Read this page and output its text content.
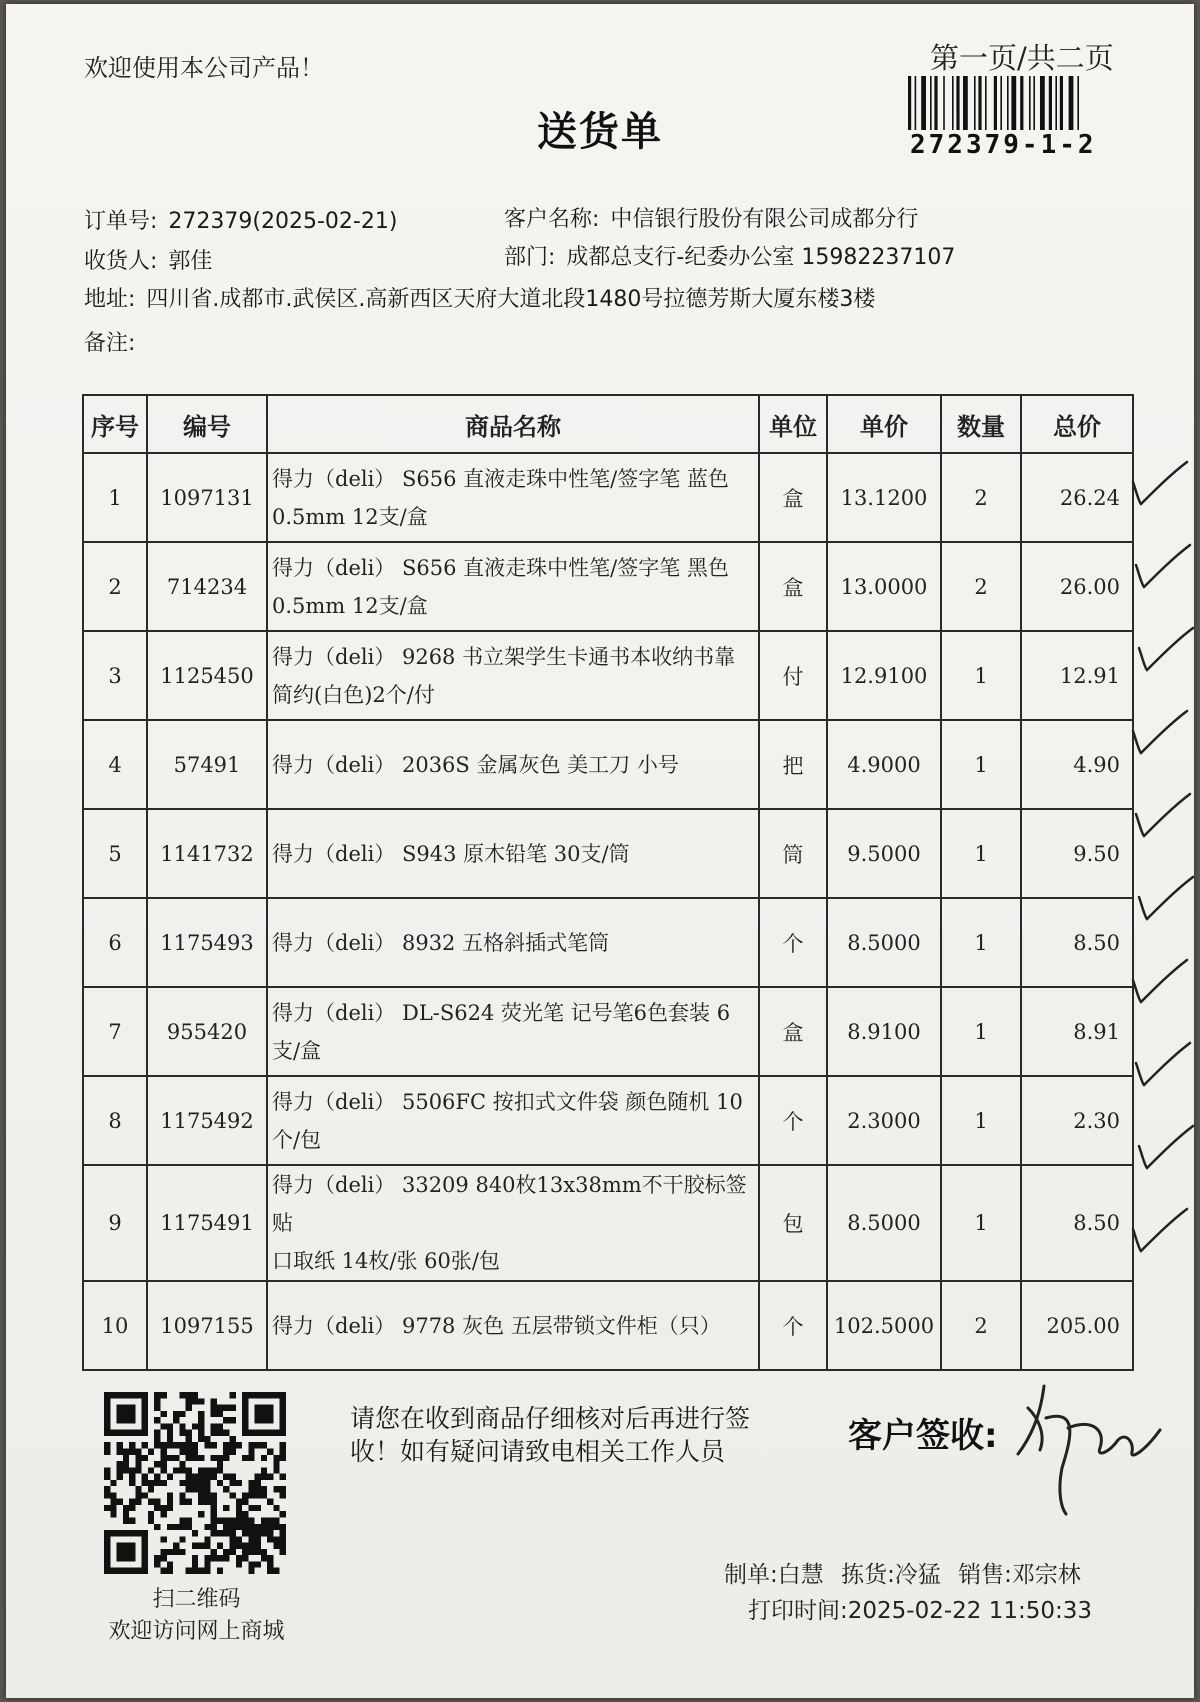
欢迎使用本公司产品！
送货单
第一页/共二页
272379-1-2
订单号: 272379(2025-02-21)	客户名称: 中信银行股份有限公司成都分行
收货人: 郭佳	部门: 成都总支行-纪委办公室 15982237107
地址: 四川省.成都市.武侯区.高新西区天府大道北段1480号拉德芳斯大厦东楼3楼
备注:
序号	编号	商品名称	单位	单价	数量	总价
1	1097131	得力（deli） S656 直液走珠中性笔/签字笔 蓝色
0.5mm 12支/盒	盒	13.1200	2	26.24
2	714234	得力（deli） S656 直液走珠中性笔/签字笔 黑色
0.5mm 12支/盒	盒	13.0000	2	26.00
3	1125450	得力（deli） 9268 书立架学生卡通书本收纳书靠
简约(白色)2个/付	付	12.9100	1	12.91
4	57491	得力（deli） 2036S 金属灰色 美工刀 小号	把	4.9000	1	4.90
5	1141732	得力（deli） S943 原木铅笔 30支/筒	筒	9.5000	1	9.50
6	1175493	得力（deli） 8932 五格斜插式笔筒	个	8.5000	1	8.50
7	955420	得力（deli） DL-S624 荧光笔 记号笔6色套装 6
支/盒	盒	8.9100	1	8.91
8	1175492	得力（deli） 5506FC 按扣式文件袋 颜色随机 10
个/包	个	2.3000	1	2.30
9	1175491	得力（deli） 33209 840枚13x38mm不干胶标签贴
口取纸 14枚/张 60张/包	包	8.5000	1	8.50
10	1097155	得力（deli） 9778 灰色 五层带锁文件柜（只）	个	102.5000	2	205.00
扫二维码
欢迎访问网上商城
请您在收到商品仔细核对后再进行签收！如有疑问请致电相关工作人员	客户签收:
制单:白慧 拣货:冷猛 销售:邓宗林
打印时间:2025-02-22 11:50:33
